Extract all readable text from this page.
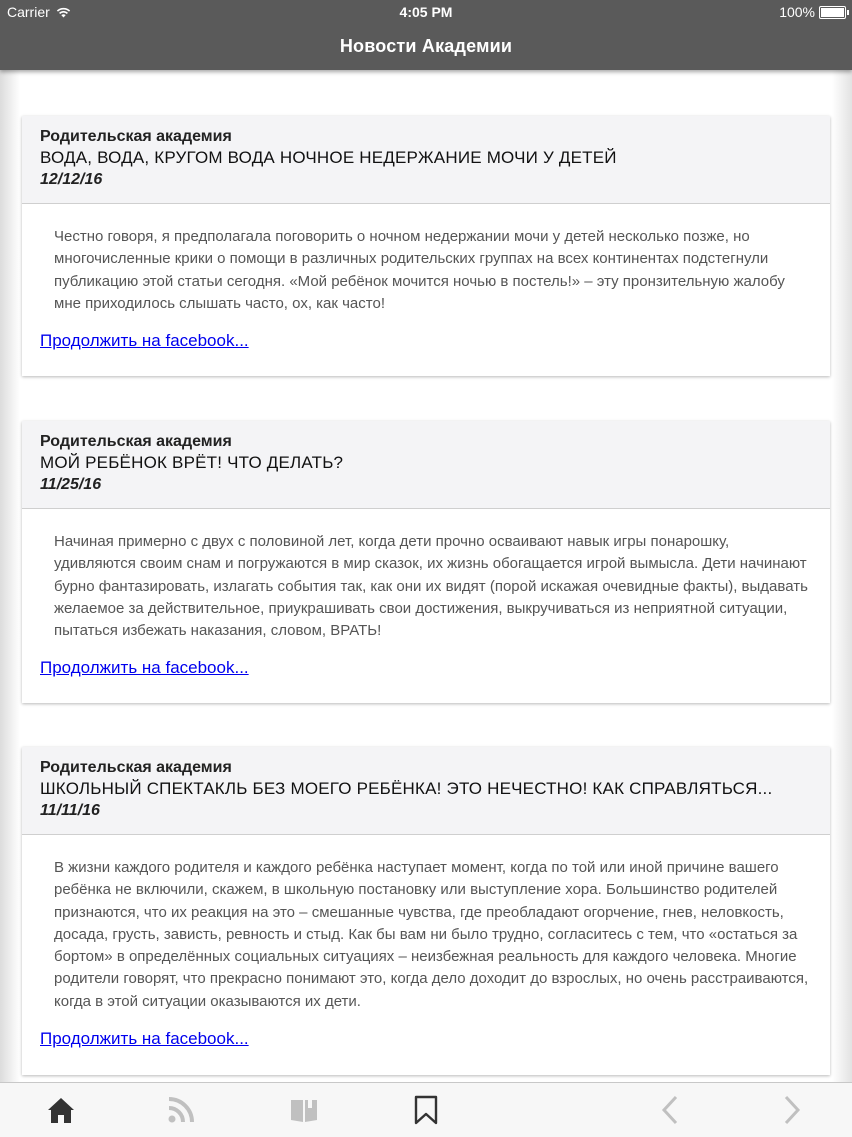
Carrier	4:05 PM	100%
Новости Академии
Родительская академия
ВОДА, ВОДА, КРУГОМ ВОДА НОЧНОЕ НЕДЕРЖАНИЕ МОЧИ У ДЕТЕЙ
12/12/16

Честно говоря, я предполагала поговорить о ночном недержании мочи у детей несколько позже, но многочисленные крики о помощи в различных родительских группах на всех континентах подстегнули публикацию этой статьи сегодня. «Мой ребёнок мочится ночью в постель!» – эту пронзительную жалобу мне приходилось слышать часто, ох, как часто!

Продолжить на facebook...
Родительская академия
МОЙ РЕБЁНОК ВРЁТ! ЧТО ДЕЛАТЬ?
11/25/16

Начиная примерно с двух с половиной лет, когда дети прочно осваивают навык игры понарошку, удивляются своим снам и погружаются в мир сказок, их жизнь обогащается игрой вымысла. Дети начинают бурно фантазировать, излагать события так, как они их видят (порой искажая очевидные факты), выдавать желаемое за действительное, приукрашивать свои достижения, выкручиваться из неприятной ситуации, пытаться избежать наказания, словом, ВРАТЬ!

Продолжить на facebook...
Родительская академия
ШКОЛЬНЫЙ СПЕКТАКЛЬ БЕЗ МОЕГО РЕБЁНКА! ЭТО НЕЧЕСТНО! КАК СПРАВЛЯТЬСЯ...
11/11/16

В жизни каждого родителя и каждого ребёнка наступает момент, когда по той или иной причине вашего ребёнка не включили, скажем, в школьную постановку или выступление хора. Большинство родителей признаются, что их реакция на это – смешанные чувства, где преобладают огорчение, гнев, неловкость, досада, грусть, зависть, ревность и стыд. Как бы вам ни было трудно, согласитесь с тем, что «остаться за бортом» в определённых социальных ситуациях – неизбежная реальность для каждого человека. Многие родители говорят, что прекрасно понимают это, когда дело доходит до взрослых, но очень расстраиваются, когда в этой ситуации оказываются их дети.

Продолжить на facebook...
